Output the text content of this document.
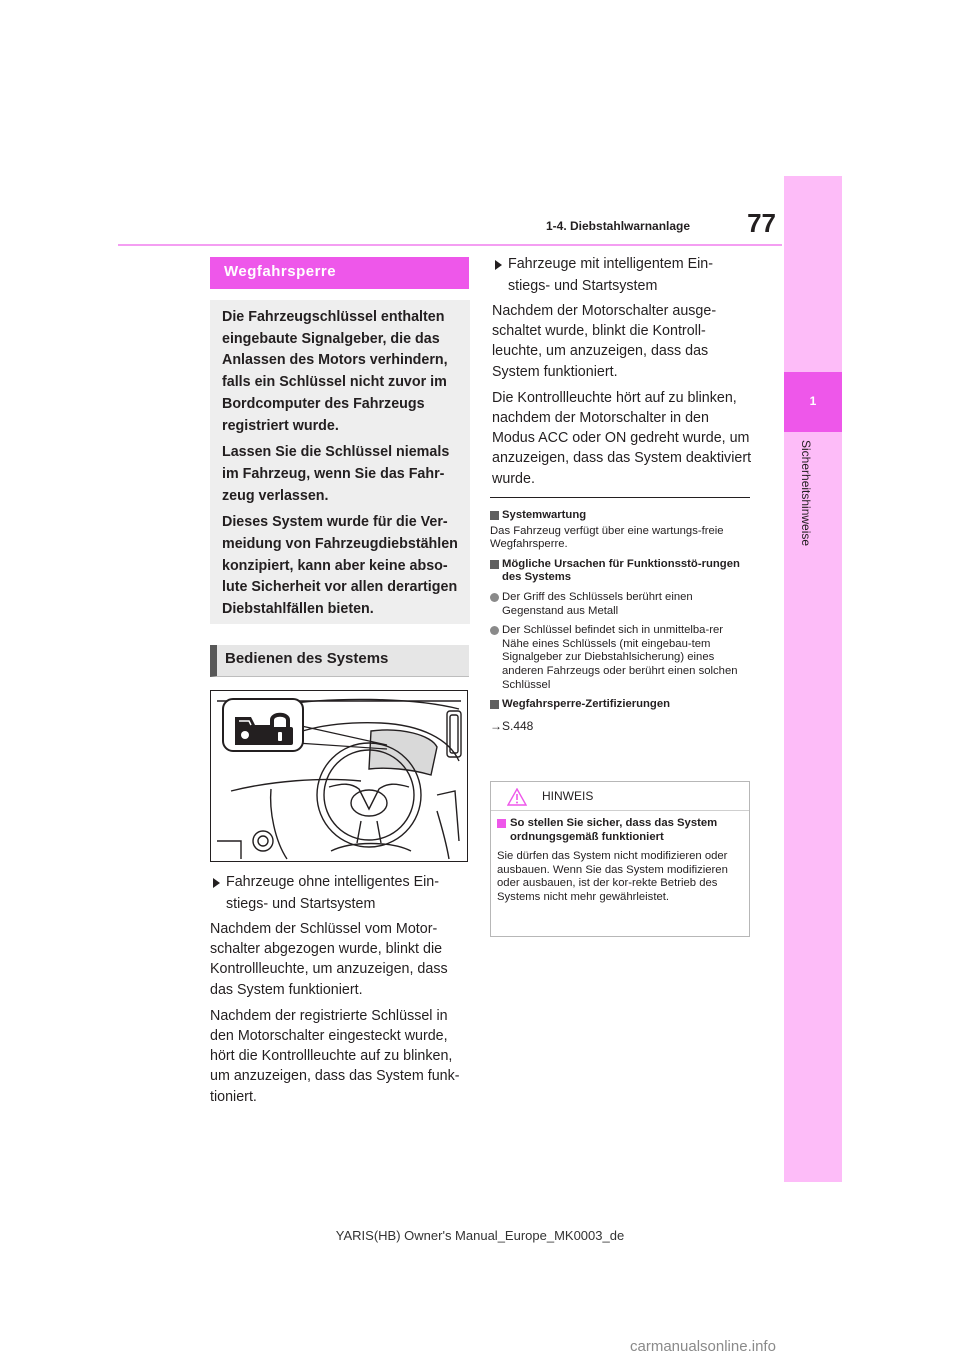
77
1-4. Diebstahlwarnanlage
1
Sicherheitshinweise
Wegfahrsperre

Die Fahrzeugschlüssel enthalten eingebaute Signalgeber, die das Anlassen des Motors verhindern, falls ein Schlüssel nicht zuvor im Bordcomputer des Fahrzeugs registriert wurde.

Lassen Sie die Schlüssel niemals im Fahrzeug, wenn Sie das Fahr-zeug verlassen.

Dieses System wurde für die Ver-meidung von Fahrzeugdiebstählen konzipiert, kann aber keine abso-lute Sicherheit vor allen derartigen Diebstahlfällen bieten.

Bedienen des Systems
Fahrzeuge ohne intelligentes Ein-stiegs- und Startsystem

Nachdem der Schlüssel vom Motor-schalter abgezogen wurde, blinkt die Kontrollleuchte, um anzuzeigen, dass das System funktioniert.

Nachdem der registrierte Schlüssel in den Motorschalter eingesteckt wurde, hört die Kontrollleuchte auf zu blinken, um anzuzeigen, dass das System funk-tioniert.

Fahrzeuge mit intelligentem Ein-stiegs- und Startsystem

Nachdem der Motorschalter ausge-schaltet wurde, blinkt die Kontroll-leuchte, um anzuzeigen, dass das System funktioniert.

Die Kontrollleuchte hört auf zu blinken, nachdem der Motorschalter in den Modus ACC oder ON gedreht wurde, um anzuzeigen, dass das System deaktiviert wurde.

Systemwartung
Das Fahrzeug verfügt über eine wartungs-freie Wegfahrsperre.
Mögliche Ursachen für Funktionsstö-rungen des Systems
Der Griff des Schlüssels berührt einen Gegenstand aus Metall
Der Schlüssel befindet sich in unmittelba-rer Nähe eines Schlüssels (mit eingebau-tem Signalgeber zur Diebstahlsicherung) eines anderen Fahrzeugs oder berührt einen solchen Schlüssel
Wegfahrsperre-Zertifizierungen
→S.448
HINWEIS
So stellen Sie sicher, dass das System ordnungsgemäß funktioniert
Sie dürfen das System nicht modifizieren oder ausbauen. Wenn Sie das System modifizieren oder ausbauen, ist der kor-rekte Betrieb des Systems nicht mehr gewährleistet.
YARIS(HB) Owner's Manual_Europe_MK0003_de
carmanualsonline.info
